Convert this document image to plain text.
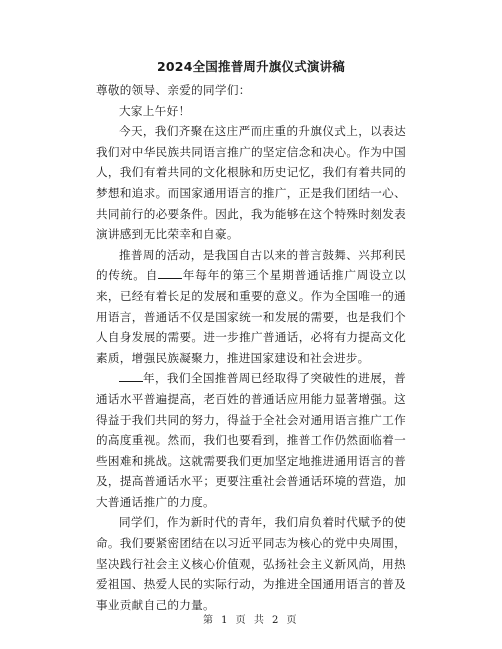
2024全国推普周升旗仪式演讲稿

尊敬的领导、亲爱的同学们：

大家上午好！

今天，我们齐聚在这庄严而庄重的升旗仪式上，以表达我们对中华民族共同语言推广的坚定信念和决心。作为中国人，我们有着共同的文化根脉和历史记忆，我们有着共同的梦想和追求。而国家通用语言的推广，正是我们团结一心、共同前行的必要条件。因此，我为能够在这个特殊时刻发表演讲感到无比荣幸和自豪。

推普周的活动，是我国自古以来的普言鼓舞、兴邦利民的传统。自 年每年的第三个星期普通话推广周设立以来，已经有着长足的发展和重要的意义。作为全国唯一的通用语言，普通话不仅是国家统一和发展的需要，也是我们个人自身发展的需要。进一步推广普通话，必将有力提高文化素质，增强民族凝聚力，推进国家建设和社会进步。

年，我们全国推普周已经取得了突破性的进展，普通话水平普遍提高，老百姓的普通话应用能力显著增强。这得益于我们共同的努力，得益于全社会对通用语言推广工作的高度重视。然而，我们也要看到，推普工作仍然面临着一些困难和挑战。这就需要我们更加坚定地推进通用语言的普及，提高普通话水平；更要注重社会普通话环境的营造，加大普通话推广的力度。

同学们，作为新时代的青年，我们肩负着时代赋予的使命。我们要紧密团结在以习近平同志为核心的党中央周围，坚决践行社会主义核心价值观，弘扬社会主义新风尚，用热爱祖国、热爱人民的实际行动，为推进全国通用语言的普及事业贡献自己的力量。

第 1 页 共 2 页
